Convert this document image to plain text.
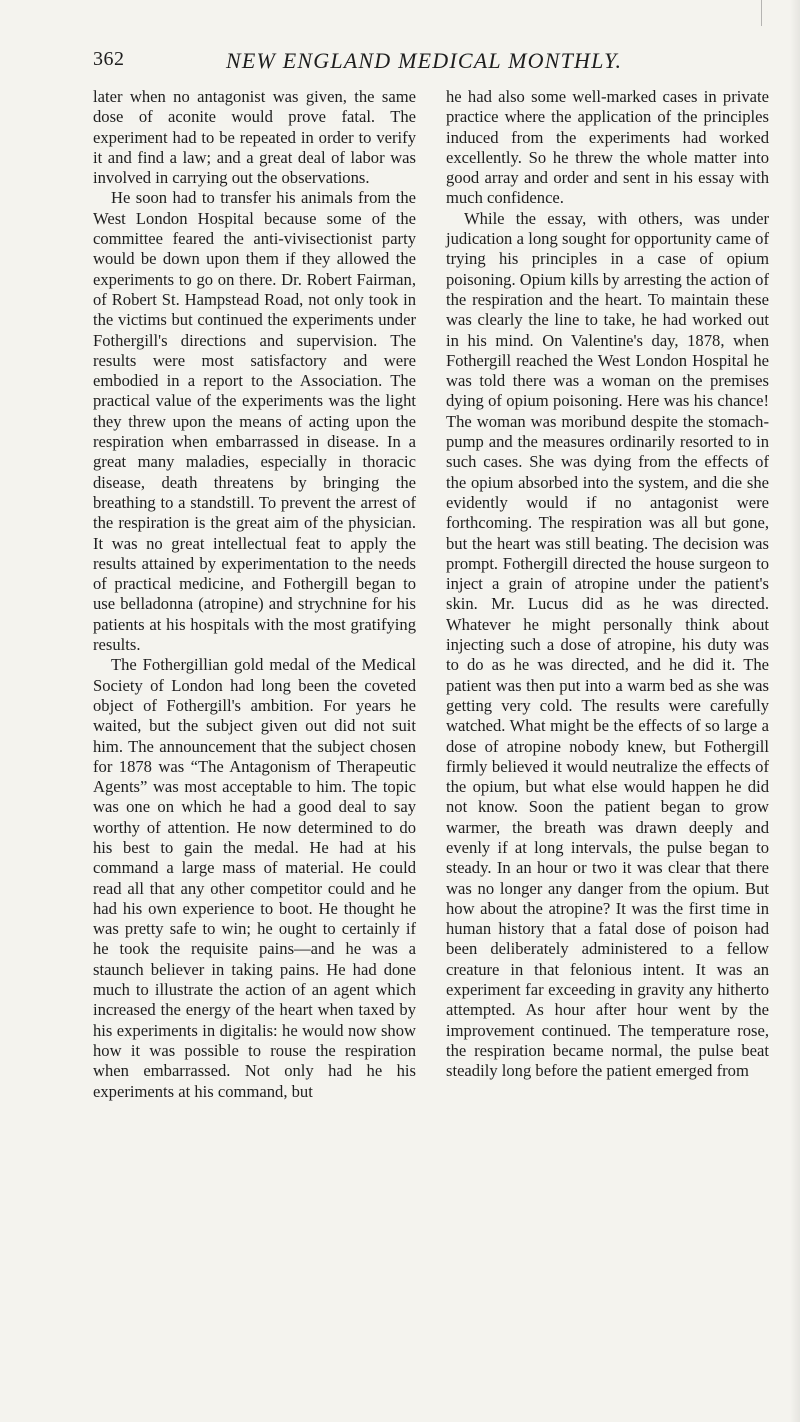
362	NEW ENGLAND MEDICAL MONTHLY.

later when no antagonist was given, the same dose of aconite would prove fatal. The experiment had to be repeated in order to verify it and find a law; and a great deal of labor was involved in carrying out the observations.

He soon had to transfer his animals from the West London Hospital because some of the committee feared the anti-vivisectionist party would be down upon them if they allowed the experiments to go on there. Dr. Robert Fairman, of Robert St. Hampstead Road, not only took in the victims but continued the experiments under Fothergill's directions and supervision. The results were most satisfactory and were embodied in a report to the Association. The practical value of the experiments was the light they threw upon the means of acting upon the respiration when embarrassed in disease. In a great many maladies, especially in thoracic disease, death threatens by bringing the breathing to a standstill. To prevent the arrest of the respiration is the great aim of the physician. It was no great intellectual feat to apply the results attained by experimentation to the needs of practical medicine, and Fothergill began to use belladonna (atropine) and strychnine for his patients at his hospitals with the most gratifying results.

The Fothergillian gold medal of the Medical Society of London had long been the coveted object of Fothergill's ambition. For years he waited, but the subject given out did not suit him. The announcement that the subject chosen for 1878 was “The Antagonism of Therapeutic Agents” was most acceptable to him. The topic was one on which he had a good deal to say worthy of attention. He now determined to do his best to gain the medal. He had at his command a large mass of material. He could read all that any other competitor could and he had his own experience to boot. He thought he was pretty safe to win; he ought to certainly if he took the requisite pains—and he was a staunch believer in taking pains. He had done much to illustrate the action of an agent which increased the energy of the heart when taxed by his experiments in digitalis: he would now show how it was possible to rouse the respiration when embarrassed. Not only had he his experiments at his command, but

he had also some well-marked cases in private practice where the application of the principles induced from the experiments had worked excellently. So he threw the whole matter into good array and order and sent in his essay with much confidence.

While the essay, with others, was under judication a long sought for opportunity came of trying his principles in a case of opium poisoning. Opium kills by arresting the action of the respiration and the heart. To maintain these was clearly the line to take, he had worked out in his mind. On Valentine's day, 1878, when Fothergill reached the West London Hospital he was told there was a woman on the premises dying of opium poisoning. Here was his chance! The woman was moribund despite the stomach-pump and the measures ordinarily resorted to in such cases. She was dying from the effects of the opium absorbed into the system, and die she evidently would if no antagonist were forthcoming. The respiration was all but gone, but the heart was still beating. The decision was prompt. Fothergill directed the house surgeon to inject a grain of atropine under the patient's skin. Mr. Lucus did as he was directed. Whatever he might personally think about injecting such a dose of atropine, his duty was to do as he was directed, and he did it. The patient was then put into a warm bed as she was getting very cold. The results were carefully watched. What might be the effects of so large a dose of atropine nobody knew, but Fothergill firmly believed it would neutralize the effects of the opium, but what else would happen he did not know. Soon the patient began to grow warmer, the breath was drawn deeply and evenly if at long intervals, the pulse began to steady. In an hour or two it was clear that there was no longer any danger from the opium. But how about the atropine? It was the first time in human history that a fatal dose of poison had been deliberately administered to a fellow creature in that felonious intent. It was an experiment far exceeding in gravity any hitherto attempted. As hour after hour went by the improvement continued. The temperature rose, the respiration became normal, the pulse beat steadily long before the patient emerged from
